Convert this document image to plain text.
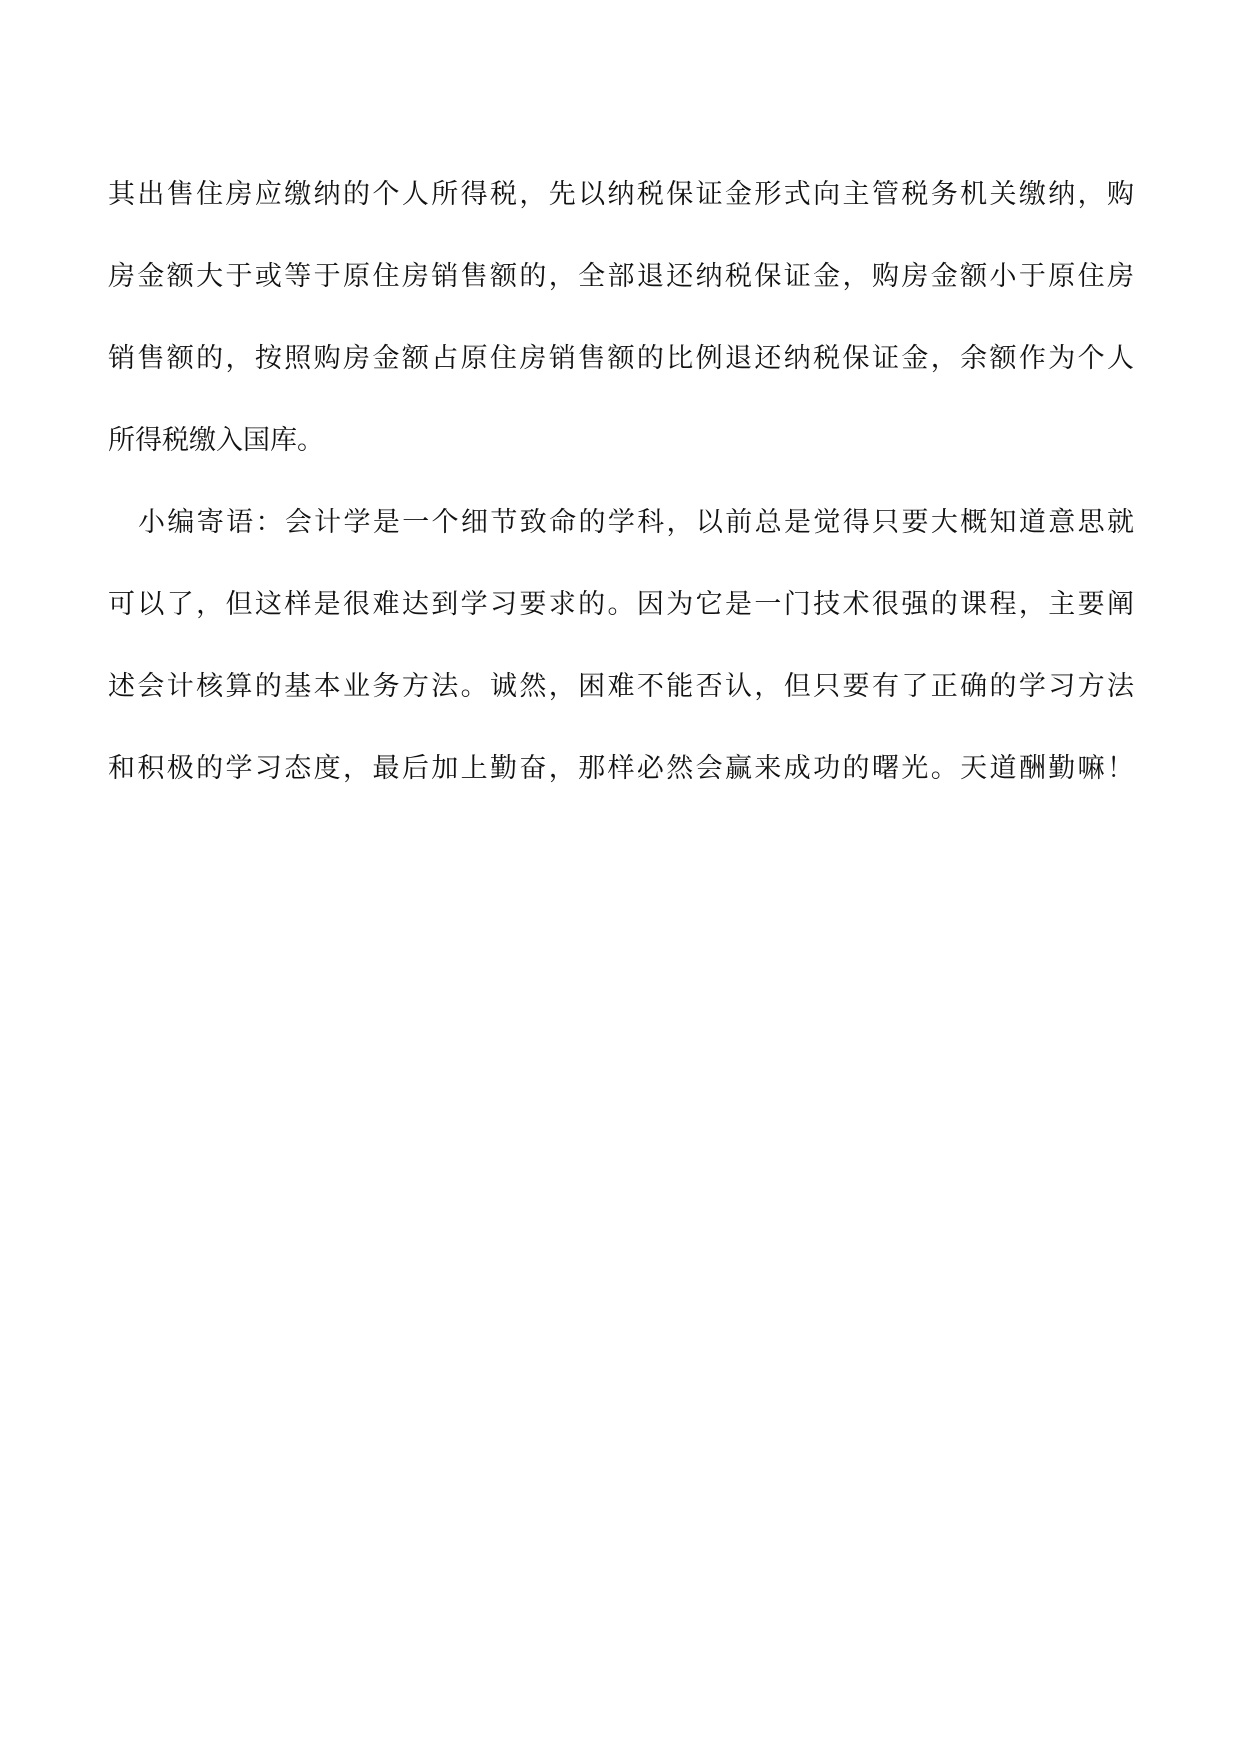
其出售住房应缴纳的个人所得税，先以纳税保证金形式向主管税务机关缴纳，购
房金额大于或等于原住房销售额的，全部退还纳税保证金，购房金额小于原住房
销售额的，按照购房金额占原住房销售额的比例退还纳税保证金，余额作为个人
所得税缴入国库。
小编寄语：会计学是一个细节致命的学科，以前总是觉得只要大概知道意思就
可以了，但这样是很难达到学习要求的。因为它是一门技术很强的课程，主要阐
述会计核算的基本业务方法。诚然，困难不能否认，但只要有了正确的学习方法
和积极的学习态度，最后加上勤奋，那样必然会赢来成功的曙光。天道酬勤嘛！
